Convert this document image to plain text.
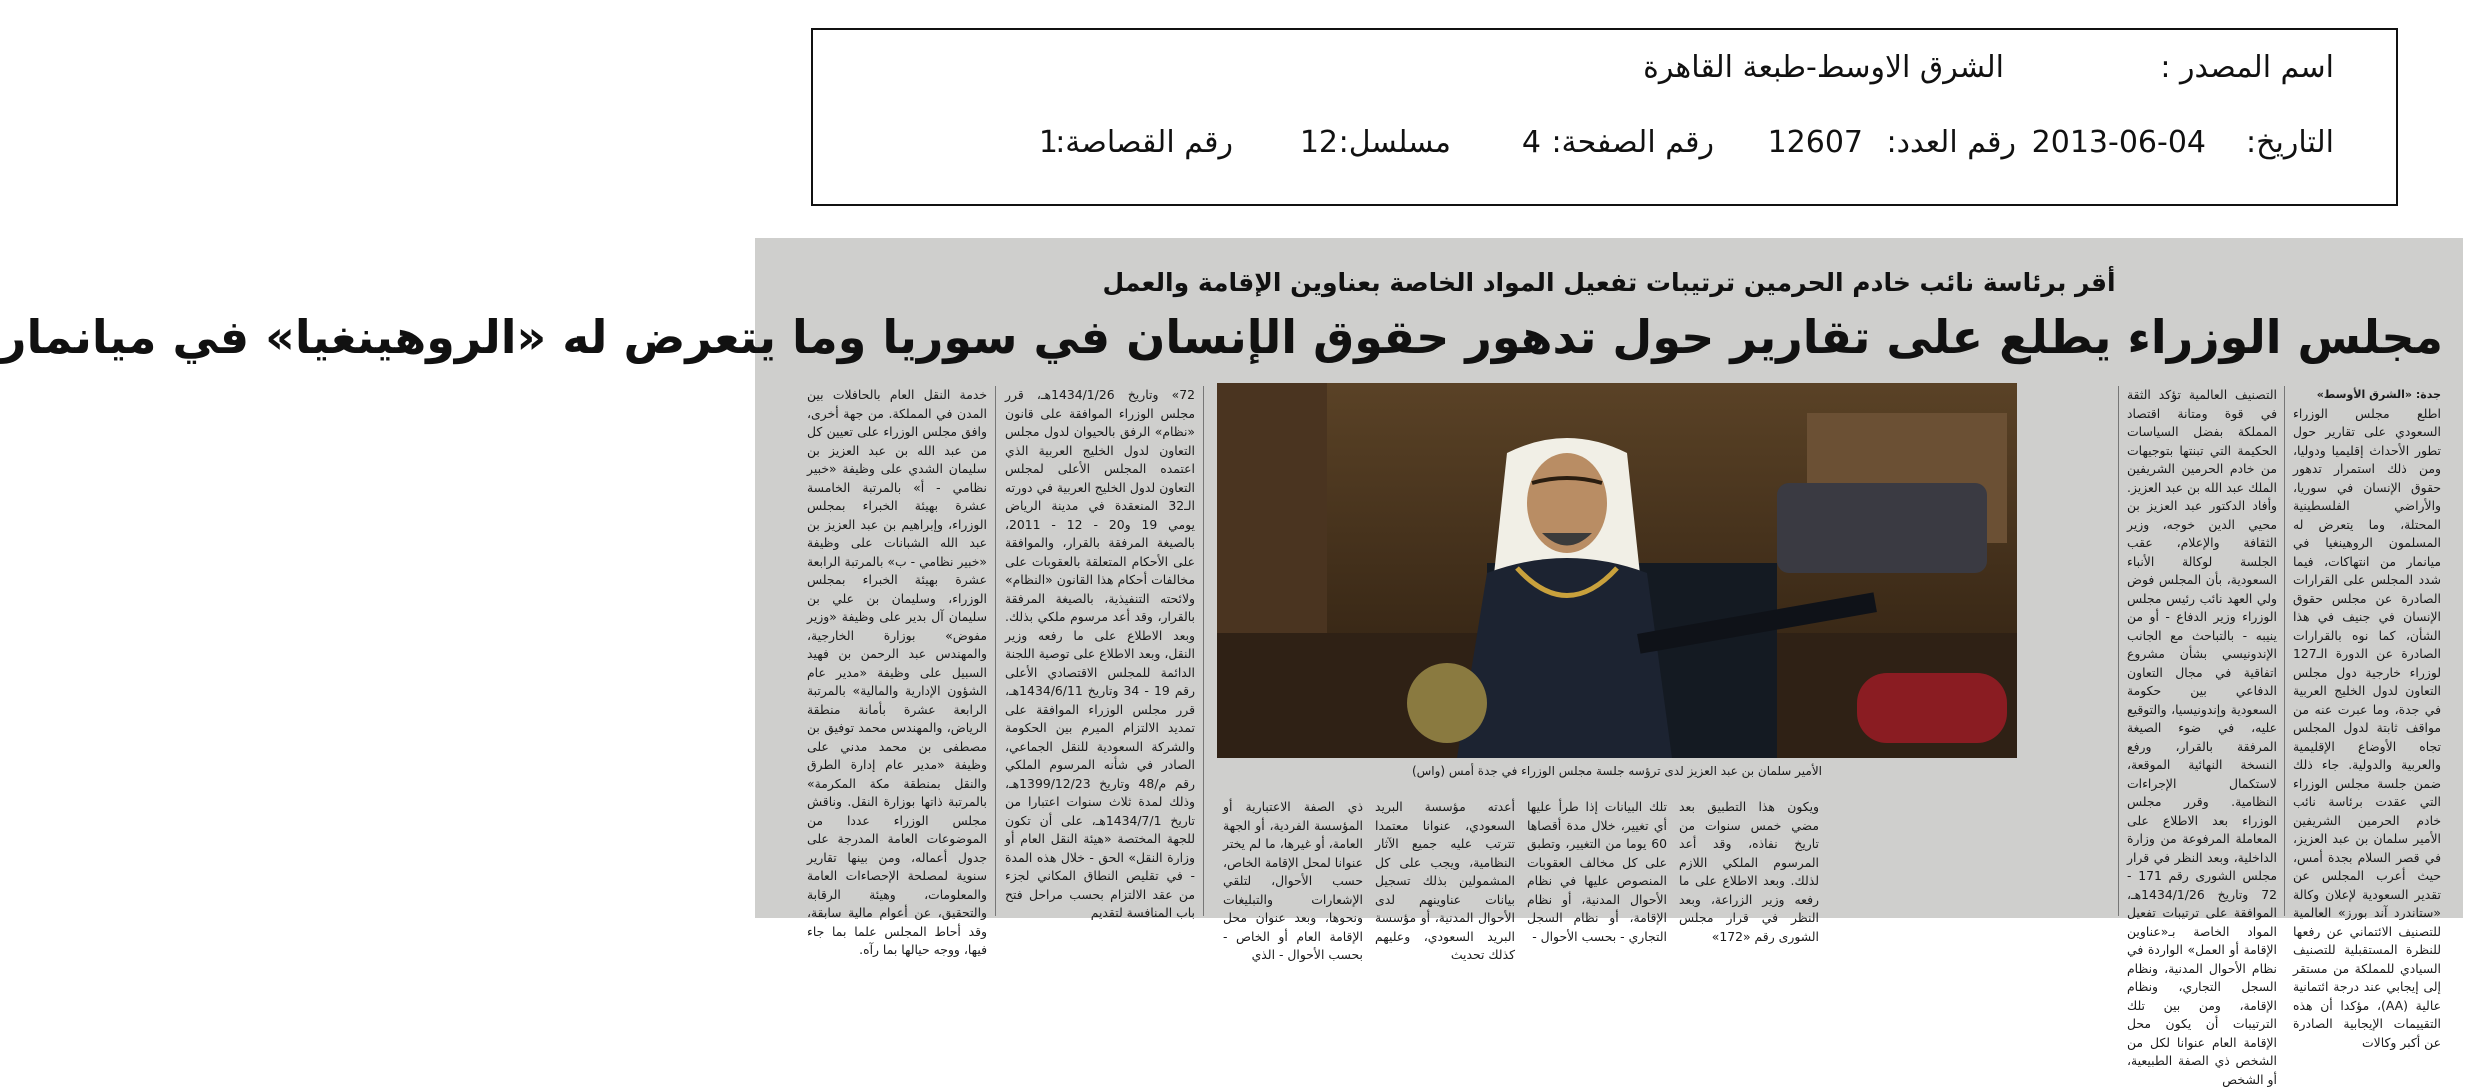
اسم المصدر :
الشرق الاوسط-طبعة القاهرة
التاريخ:
2013-06-04
رقم العدد:
12607
رقم الصفحة:
4
مسلسل:
12
رقم القصاصة:
1
أقر برئاسة نائب خادم الحرمين ترتيبات تفعيل المواد الخاصة بعناوين الإقامة والعمل
مجلس الوزراء يطلع على تقارير حول تدهور حقوق الإنسان في سوريا وما يتعرض له «الروهينغيا» في ميانمار

جدة: «الشرق الأوسط»

اطلع مجلس الوزراء السعودي على تقارير حول تطور الأحداث إقليميا ودوليا، ومن ذلك استمرار تدهور حقوق الإنسان في سوريا، والأراضي الفلسطينية المحتلة، وما يتعرض له المسلمون الروهينغيا في ميانمار من انتهاكات، فيما شدد المجلس على القرارات الصادرة عن مجلس حقوق الإنسان في جنيف في هذا الشأن، كما نوه بالقرارات الصادرة عن الدورة الـ127 لوزراء خارجية دول مجلس التعاون لدول الخليج العربية في جدة، وما عبرت عنه من مواقف ثابتة لدول المجلس تجاه الأوضاع الإقليمية والعربية والدولية. جاء ذلك ضمن جلسة مجلس الوزراء التي عقدت برئاسة نائب خادم الحرمين الشريفين الأمير سلمان بن عبد العزيز، في قصر السلام بجدة أمس، حيث أعرب المجلس عن تقدير السعودية لإعلان وكالة «ستاندرد آند بورز» العالمية للتصنيف الائتماني عن رفعها للنظرة المستقبلية للتصنيف السيادي للمملكة من مستقر إلى إيجابي عند درجة ائتمانية عالية (AA)، مؤكدا أن هذه التقييمات الإيجابية الصادرة عن أكبر وكالات

التصنيف العالمية تؤكد الثقة في قوة ومتانة اقتصاد المملكة بفضل السياسات الحكيمة التي تبنتها بتوجيهات من خادم الحرمين الشريفين الملك عبد الله بن عبد العزيز. وأفاد الدكتور عبد العزيز بن محيي الدين خوجه، وزير الثقافة والإعلام، عقب الجلسة لوكالة الأنباء السعودية، بأن المجلس فوض ولي العهد نائب رئيس مجلس الوزراء وزير الدفاع - أو من ينيبه - بالتباحث مع الجانب الإندونيسي بشأن مشروع اتفاقية في مجال التعاون الدفاعي بين حكومة السعودية وإندونيسيا، والتوقيع عليه، في ضوء الصيغة المرفقة بالقرار، ورفع النسخة النهائية الموقعة، لاستكمال الإجراءات النظامية. وقرر مجلس الوزراء بعد الاطلاع على المعاملة المرفوعة من وزارة الداخلية، وبعد النظر في قرار مجلس الشورى رقم 171 - 72 وتاريخ 1434/1/26هـ، الموافقة على ترتيبات تفعيل المواد الخاصة بـ«عناوين الإقامة أو العمل» الواردة في نظام الأحوال المدنية، ونظام السجل التجاري، ونظام الإقامة، ومن بين تلك الترتيبات أن يكون محل الإقامة العام عنوانا لكل من الشخص ذي الصفة الطبيعية، أو الشخص

الأمير سلمان بن عبد العزيز لدى ترؤسه جلسة مجلس الوزراء في جدة أمس (واس)

ذي الصفة الاعتبارية أو المؤسسة الفردية، أو الجهة العامة، أو غيرها، ما لم يختر عنوانا لمحل الإقامة الخاص، حسب الأحوال، لتلقي الإشعارات والتبليغات ونحوها، وبعد عنوان محل الإقامة العام أو الخاص - بحسب الأحوال - الذي

أعدته مؤسسة البريد السعودي، عنوانا معتمدا تترتب عليه جميع الآثار النظامية، ويجب على كل المشمولين بذلك تسجيل بيانات عناوينهم لدى الأحوال المدنية، أو مؤسسة البريد السعودي، وعليهم كذلك تحديث

تلك البيانات إذا طرأ عليها أي تغيير، خلال مدة أقصاها 60 يوما من التغيير، وتطبق على كل مخالف العقوبات المنصوص عليها في نظام الأحوال المدنية، أو نظام الإقامة، أو نظام السجل التجاري - بحسب الأحوال -

ويكون هذا التطبيق بعد مضي خمس سنوات من تاريخ نفاذه، وقد أعد المرسوم الملكي اللازم لذلك. وبعد الاطلاع على ما رفعه وزير الزراعة، وبعد النظر في قرار مجلس الشورى رقم «172»

72» وتاريخ 1434/1/26هـ، قرر مجلس الوزراء الموافقة على قانون «نظام» الرفق بالحيوان لدول مجلس التعاون لدول الخليج العربية الذي اعتمده المجلس الأعلى لمجلس التعاون لدول الخليج العربية في دورته الـ32 المنعقدة في مدينة الرياض يومي 19 و20 - 12 - 2011، بالصيغة المرفقة بالقرار، والموافقة على الأحكام المتعلقة بالعقوبات على مخالفات أحكام هذا القانون «النظام» ولائحته التنفيذية، بالصيغة المرفقة بالقرار، وقد أعد مرسوم ملكي بذلك. وبعد الاطلاع على ما رفعه وزير النقل، وبعد الاطلاع على توصية اللجنة الدائمة للمجلس الاقتصادي الأعلى رقم 19 - 34 وتاريخ 1434/6/11هـ، قرر مجلس الوزراء الموافقة على تمديد الالتزام الميرم بين الحكومة والشركة السعودية للنقل الجماعي، الصادر في شأنه المرسوم الملكي رقم م/48 وتاريخ 1399/12/23هـ، وذلك لمدة ثلاث سنوات اعتبارا من تاريخ 1434/7/1هـ، على أن تكون للجهة المختصة «هيئة النقل العام أو وزارة النقل» الحق - خلال هذه المدة - في تقليص النطاق المكاني لجزء من عقد الالتزام بحسب مراحل فتح باب المنافسة لتقديم

خدمة النقل العام بالحافلات بين المدن في المملكة. من جهة أخرى، وافق مجلس الوزراء على تعيين كل من عبد الله بن عبد العزيز بن سليمان الشدي على وظيفة «خبير نظامي - أ» بالمرتبة الخامسة عشرة بهيئة الخبراء بمجلس الوزراء، وإبراهيم بن عبد العزيز بن عبد الله الشبانات على وظيفة «خبير نظامي - ب» بالمرتبة الرابعة عشرة بهيئة الخبراء بمجلس الوزراء، وسليمان بن علي بن سليمان آل بدير على وظيفة «وزير مفوض» بوزارة الخارجية، والمهندس عبد الرحمن بن فهيد السبيل على وظيفة «مدير عام الشؤون الإدارية والمالية» بالمرتبة الرابعة عشرة بأمانة منطقة الرياض، والمهندس محمد توفيق بن مصطفى بن محمد مدني على وظيفة «مدير عام إدارة الطرق والنقل بمنطقة مكة المكرمة» بالمرتبة ذاتها بوزارة النقل. وناقش مجلس الوزراء عددا من الموضوعات العامة المدرجة على جدول أعماله، ومن بينها تقارير سنوية لمصلحة الإحصاءات العامة والمعلومات، وهيئة الرقابة والتحقيق، عن أعوام مالية سابقة، وقد أحاط المجلس علما بما جاء فيها، ووجه حيالها بما رآه.
